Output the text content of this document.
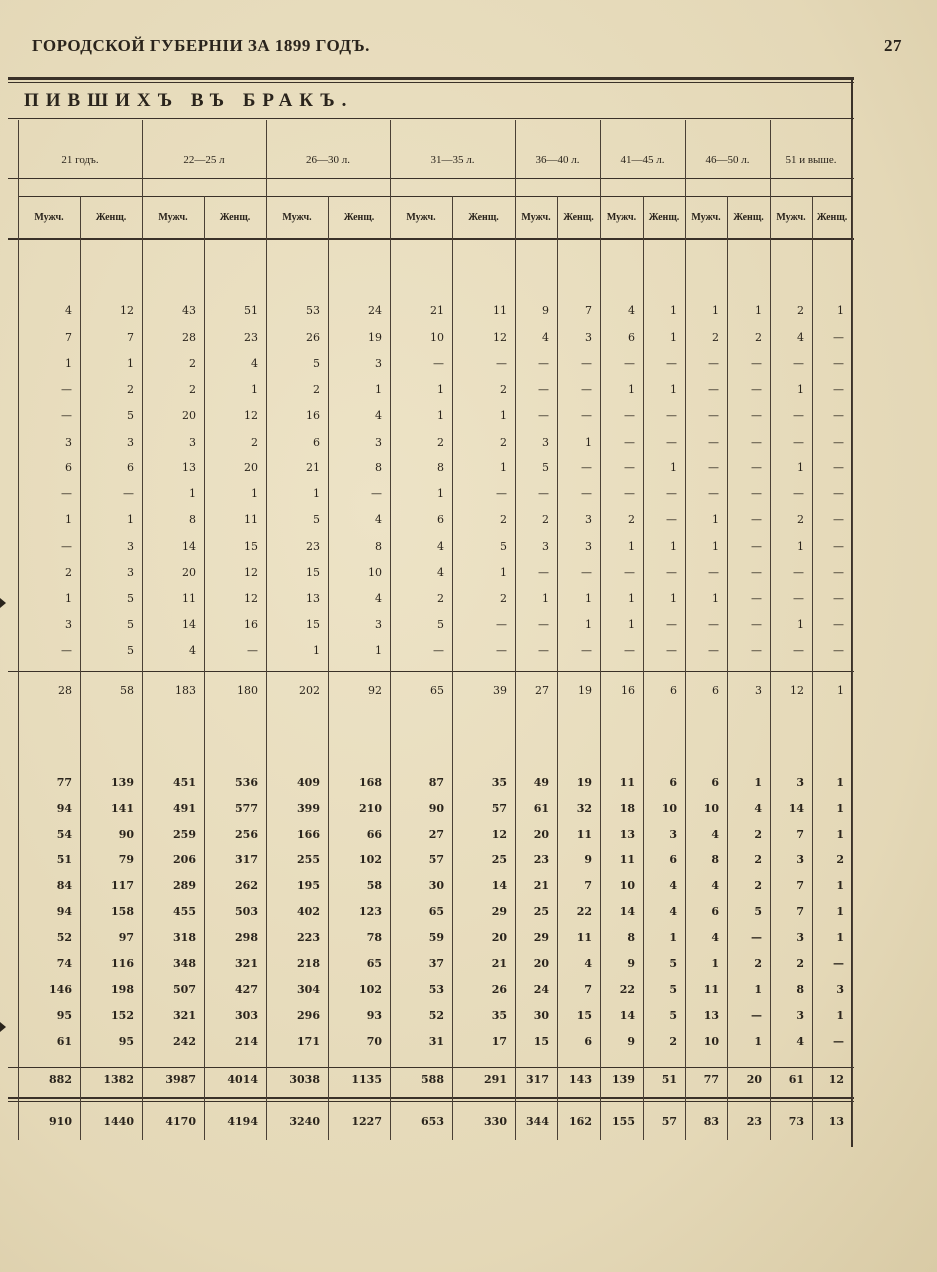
ГОРОДСКОЙ ГУБЕРНІИ ЗА 1899 ГОДЪ.	27
ПИВШИХЪ ВЪ БРАКЪ.
21 годъ.	22—25 л	26—30 л.	31—35 л.	36—40 л.	41—45 л.	46—50 л.	51 и выше.
Мужч.	Женщ.	Мужч.	Женщ.	Мужч.	Женщ.	Мужч.	Женщ.	Мужч.	Женщ.	Мужч.	Женщ.	Мужч.	Женщ.	Мужч.	Женщ.
4	12	43	51	53	24	21	11	9	7	4	1	1	1	2	1
7	7	28	23	26	19	10	12	4	3	6	1	2	2	4	—
1	1	2	4	5	3	—	—	—	—	—	—	—	—	—	—
—	2	2	1	2	1	1	2	—	—	1	1	—	—	1	—
—	5	20	12	16	4	1	1	—	—	—	—	—	—	—	—
3	3	3	2	6	3	2	2	3	1	—	—	—	—	—	—
6	6	13	20	21	8	8	1	5	—	—	1	—	—	1	—
—	—	1	1	1	—	1	—	—	—	—	—	—	—	—	—
1	1	8	11	5	4	6	2	2	3	2	—	1	—	2	—
—	3	14	15	23	8	4	5	3	3	1	1	1	—	1	—
2	3	20	12	15	10	4	1	—	—	—	—	—	—	—	—
1	5	11	12	13	4	2	2	1	1	1	1	1	—	—	—
3	5	14	16	15	3	5	—	—	1	1	—	—	—	1	—
—	5	4	—	1	1	—	—	—	—	—	—	—	—	—	—
28	58	183	180	202	92	65	39	27	19	16	6	6	3	12	1
77	139	451	536	409	168	87	35	49	19	11	6	6	1	3	1
94	141	491	577	399	210	90	57	61	32	18	10	10	4	14	1
54	90	259	256	166	66	27	12	20	11	13	3	4	2	7	1
51	79	206	317	255	102	57	25	23	9	11	6	8	2	3	2
84	117	289	262	195	58	30	14	21	7	10	4	4	2	7	1
94	158	455	503	402	123	65	29	25	22	14	4	6	5	7	1
52	97	318	298	223	78	59	20	29	11	8	1	4	—	3	1
74	116	348	321	218	65	37	21	20	4	9	5	1	2	2	—
146	198	507	427	304	102	53	26	24	7	22	5	11	1	8	3
95	152	321	303	296	93	52	35	30	15	14	5	13	—	3	1
61	95	242	214	171	70	31	17	15	6	9	2	10	1	4	—
882	1382	3987	4014	3038	1135	588	291	317	143	139	51	77	20	61	12
910	1440	4170	4194	3240	1227	653	330	344	162	155	57	83	23	73	13
